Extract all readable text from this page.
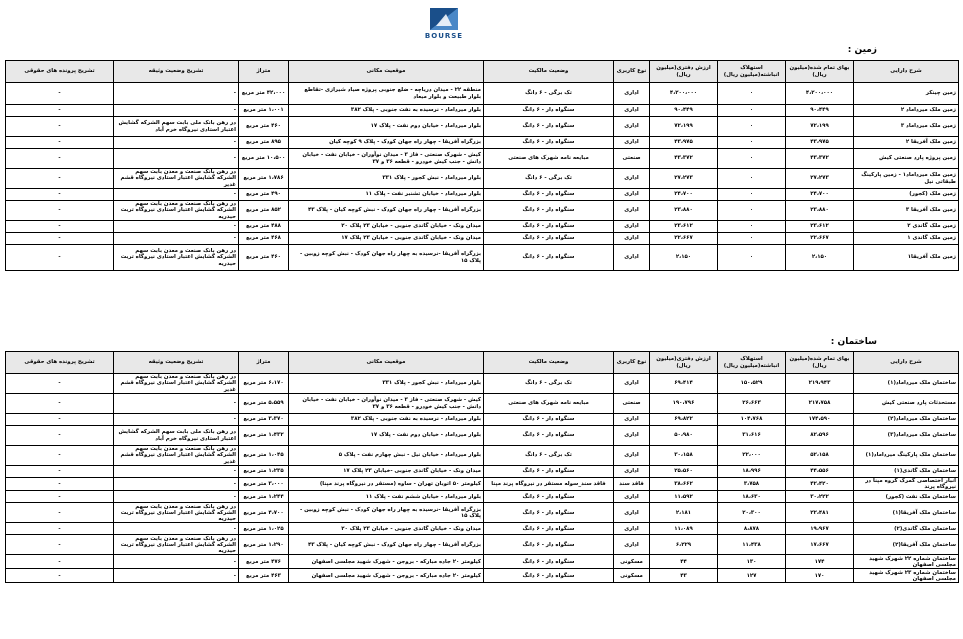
BOURSE
زمین :
شرح دارایی	بهای تمام شده(میلیون ریال)	استهلاک انباشته(میلیون ریال)	ارزش دفتری(میلیون ریال)	نوع کاربری	وضعیت مالکیت	موقعیت مکانی	متراژ	تشریح وضعیت وثیقه	تشریح پرونده های حقوقی
زمین چینکر	۴،۲۰۰،۰۰۰	۰	۴،۲۰۰،۰۰۰	اداری	تک برگی - ۶ دانگ	منطقه ۲۲ - میدان دریاچه - ضلع جنوبی پروژه صیاد شیرازی -تقاطع بلوار طبیعت و بلوار میعاد	۴۲،۰۰۰ متر مربع	-	-
زمین ملک میرداماد ۲	۹۰،۴۴۹	۰	۹۰،۴۴۹	اداری	سنگواه دار - ۶ دانگ	بلوار میرداماد - نرسیده به نفت جنوبی - پلاک ۳۸۲	۱،۰۰۱ متر مربع	-	-
زمین ملک میرداماد ۳	۷۲،۱۹۹	۰	۷۲،۱۹۹	اداری	سنگواه دار - ۶ دانگ	بلوار میرداماد - خیابان دوم نفت - پلاک ۱۷	۴۶۰ متر مربع	در رهن بانک ملی بابت سهم الشرکه گشایش اعتبار استادی نیروگاه خرم آباد	-
زمین ملک آفریقا ۲	۴۳،۹۷۵	۰	۴۳،۹۷۵	اداری	سنگواه دار - ۶ دانگ	بزرگراه آفریقا - چهار راه جهان کودک - پلاک ۹ کوچه کیان	۸۹۵ متر مربع	-	-
زمین پروژه پارد صنعتی کیش	۴۳،۳۷۲	۰	۴۳،۳۷۲	صنعتی	مبایعه نامه شهرک های صنعتی	کیش - شهرک صنعتی - فاز ۳ - میدان نوآوران - خیابان نفت - خیابان دانش - جنب کیش خودرو - قطعه ۳۶ و ۳۷	۱۰،۵۰۰ متر مربع	-	-
زمین ملک میرداماد۱ - زمین پارکینگ طبقاتی نیل	۲۷،۲۷۳	۰	۲۷،۲۷۳	اداری	تک برگی - ۶ دانگ	بلوار میرداماد - نبش کجور - پلاک ۳۳۱	۱،۷۸۶ متر مربع	در رهن بانک صنعت و معدن بابت سهم الشرکه گشایش اعتبار استادی نیروگاه قشم غدیر	-
زمین ملک (کجور)	۲۴،۷۰۰	۰	۲۴،۷۰۰	اداری	سنگواه دار - ۶ دانگ	بلوار میرداماد - خیابان تشنبر نفت - پلاک ۱۱	۴۹۰ متر مربع	-	-
زمین ملک آفریقا ۳	۲۳،۸۸۰	۰	۲۳،۸۸۰	اداری	سنگواه دار - ۶ دانگ	بزرگراه آفریقا - چهار راه جهان کودک - نبش کوچه کیان - پلاک ۴۳	۸۵۲ متر مربع	در رهن بانک صنعت و معدن بابت سهم الشرکه گشایش اعتبار استادی نیروگاه تربت حیدریه	-
زمین ملک گاندی ۲	۲۳،۶۱۲	۰	۲۳،۶۱۲	اداری	سنگواه دار - ۶ دانگ	میدان ونک - خیابان گاندی جنوبی - خیابان ۲۳ پلاک ۲۰	۴۸۸ متر مربع	-	-
زمین ملک گاندی ۱	۲۲،۶۶۷	۰	۲۲،۶۶۷	اداری	سنگواه دار - ۶ دانگ	میدان ونک - خیابان گاندی جنوبی - خیابان ۲۳ پلاک ۱۷	۴۶۸ متر مربع	-	-
زمین ملک آفریقا۱	۲،۱۵۰	۰	۲،۱۵۰	اداری	سنگواه دار - ۶ دانگ	بزرگراه آفریقا -نرسیده به چهار راه جهان کودک - نبش کوچه زوبین - پلاک ۱۵	۴۶۰ متر مربع	در رهن بانک صنعت و معدن بابت سهم الشرکه گشایش اعتبار استادی نیروگاه تربت حیدریه	-
ساختمان :
شرح دارایی	بهای تمام شده(میلیون ریال)	استهلاک انباشته(میلیون ریال)	ارزش دفتری(میلیون ریال)	نوع کاربری	وضعیت مالکیت	موقعیت مکانی	متراژ	تشریح وضعیت وثیقه	تشریح پرونده های حقوقی
ساختمان ملک میرداماد(۱)	۲۱۹،۹۴۳	۱۵۰،۵۲۹	۶۹،۴۱۴	اداری	تک برگی - ۶ دانگ	بلوار میرداماد - نبش کجور - پلاک ۳۳۱	۶،۱۷۰ متر مربع	در رهن بانک صنعت و معدن بابت سهم الشرکه گشایش اعتبار استادی نیروگاه قشم غدیر	-
مستحدثات پارد صنعتی کیش	۲۱۷،۷۵۸	۲۶،۶۶۳	۱۹۰،۷۹۶	صنعتی	مبایعه نامه شهرک های صنعتی	کیش - شهرک صنعتی - فاز ۳ - میدان نوآوران - خیابان نفت - خیابان دانش - جنب کیش خودرو - قطعه ۳۶ و ۳۷	۵،۵۵۹ متر مربع	-	-
ساختمان ملک میرداماد(۲)	۱۷۴،۵۹۰	۱۰۴،۷۶۸	۶۹،۸۲۲	اداری	سنگواه دار - ۶ دانگ	بلوار میرداماد - نرسیده به نفت جنوبی - پلاک ۳۸۲	۳،۳۷۰ متر مربع	-	-
ساختمان ملک میرداماد(۳)	۸۲،۵۹۶	۳۱،۶۱۶	۵۰،۹۸۰	اداری	سنگواه دار - ۶ دانگ	بلوار میرداماد - خیابان دوم نفت - پلاک ۱۷	۱،۴۳۲ متر مربع	در رهن بانک ملی بابت سهم الشرکه گشایش اعتبار استادی نیروگاه خرم آباد	-
ساختمان ملک پارکینگ میرداماد(۱)	۵۲،۱۵۸	۲۲،۰۰۰	۳۰،۱۵۸	اداری	تک برگی - ۶ دانگ	بلوار میرداماد - خیابان نیل - نبش چهارم نفت - پلاک ۵	۱،۰۴۵ متر مربع	در رهن بانک صنعت و معدن بابت سهم الشرکه گشایش اعتبار استادی نیروگاه قشم غدیر	-
ساختمان ملک گاندی(۱)	۴۴،۵۵۶	۱۸،۹۹۶	۲۵،۵۶۰	اداری	سنگواه دار - ۶ دانگ	میدان ونک - خیابان گاندی جنوبی -خیابان ۲۳ پلاک ۱۷	۱،۲۳۵ متر مربع	-	-
انبار اختصاصی گمرک گروه مپنا در نیروگاه پرند	۴۲،۴۲۰	۳،۷۵۸	۳۸،۶۶۲	فاقد سند	فاقد سند_سوله مستقر در نیروگاه پرند مپنا	کیلومتر ۵۰ اتوبان تهران - ساوه (مستقر در نیروگاه پرند مپنا)	۳،۰۰۰ متر مربع	-	-
ساختمان ملک نفت (کجور)	۳۰،۲۲۲	۱۸،۶۳۰	۱۱،۵۹۲	اداری	سنگواه دار - ۶ دانگ	بلوار میرداماد - خیابان ششم نفت - پلاک ۱۱	۱،۲۴۴ متر مربع	-	-
ساختمان ملک آفریقا(۱)	۲۲،۴۸۱	۲۰،۳۰۰	۲،۱۸۱	اداری	سنگواه دار - ۶ دانگ	بزرگراه آفریقا -نرسیده به چهار راه جهان کودک - نبش کوچه زوبین - پلاک ۱۵	۴،۷۰۰ متر مربع	در رهن بانک صنعت و معدن بابت سهم الشرکه گشایش اعتبار استادی نیروگاه تربت حیدریه	-
ساختمان ملک گاندی(۲)	۱۹،۹۶۷	۸،۸۷۸	۱۱،۰۸۹	اداری	سنگواه دار - ۶ دانگ	میدان ونک - خیابان گاندی جنوبی - خیابان ۲۳ پلاک ۲۰	۱،۰۲۵ متر مربع	-	-
ساختمان ملک آفریقا(۲)	۱۷،۶۶۷	۱۱،۴۳۸	۶،۲۲۹	اداری	سنگواه دار - ۶ دانگ	بزرگراه آفریقا - چهار راه جهان کودک - نبش کوچه کیان - پلاک ۴۳	۱،۲۹۰ متر مربع	در رهن بانک صنعت و معدن بابت سهم الشرکه گشایش اعتبار استادی نیروگاه تربت حیدریه	-
ساختمان شماره ۲۲ شهرک شهید مجلسی اصفهان	۱۷۴	۱۳۰	۴۴	مسکونی	سنگواه دار - ۶ دانگ	کیلومتر ۲۰ جاده مبارکه - بروجن - شهرک شهید مجلسی اصفهان	۴۷۶ متر مربع	-	-
ساختمان شماره ۲۳ شهرک شهید مجلسی اصفهان	۱۷۰	۱۲۷	۴۳	مسکونی	سنگواه دار - ۶ دانگ	کیلومتر ۲۰ جاده مبارکه - بروجن - شهرک شهید مجلسی اصفهان	۴۶۳ متر مربع	-	-
